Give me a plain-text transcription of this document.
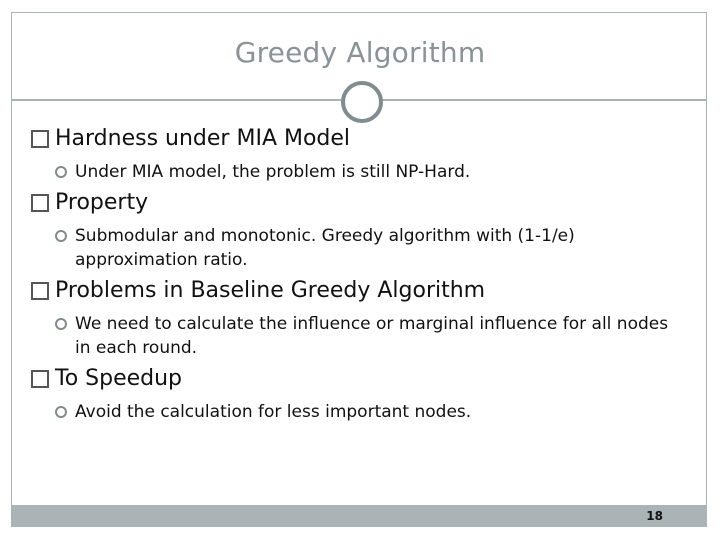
Greedy Algorithm
Hardness under MIA Model
Under MIA model, the problem is still NP-Hard.
Property
Submodular and monotonic. Greedy algorithm with (1-1/e) approximation ratio.
Problems in Baseline Greedy Algorithm
We need to calculate the influence or marginal influence for all nodes in each round.
To Speedup
Avoid the calculation for less important nodes.
18
